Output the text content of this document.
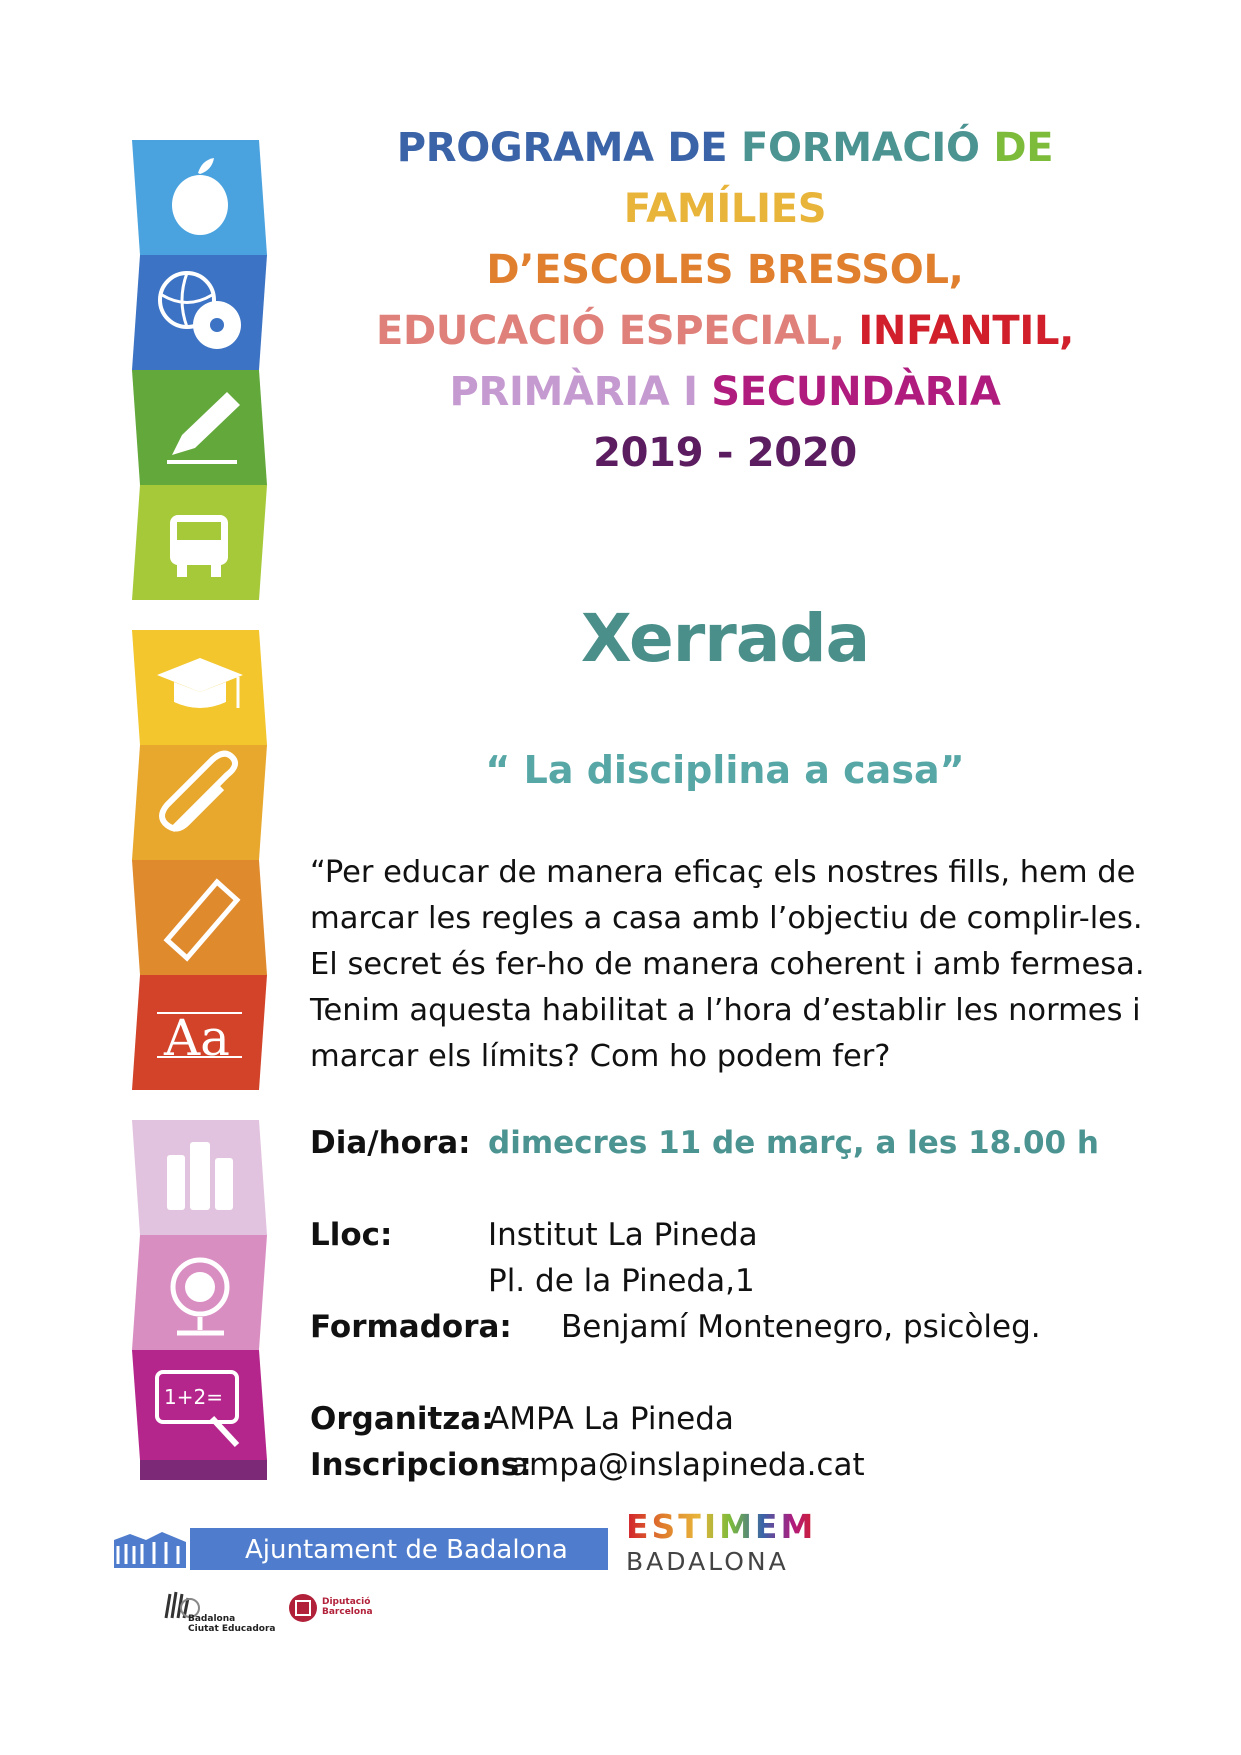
Aa
1+2=
PROGRAMA DE FORMACIÓ DE
FAMÍLIES
D’ESCOLES BRESSOL,
EDUCACIÓ ESPECIAL, INFANTIL,
PRIMÀRIA I SECUNDÀRIA
2019 - 2020
Xerrada
“ La disciplina a casa”
“Per educar de manera eficaç els nostres fills, hem de
marcar les regles a casa amb l’objectiu de complir-les.
El secret és fer-ho de manera coherent i amb fermesa.
Tenim aquesta habilitat a l’hora d’establir les normes i
marcar els límits? Com ho podem fer?
Dia/hora: dimecres 11 de març, a les 18.00 h
Lloc:	Institut La Pineda
Pl. de la Pineda,1
Formadora: Benjamí Montenegro, psicòleg.
Organitza:
AMPA La Pineda
Inscripcions:
ampa@inslapineda.cat
Ajuntament de Badalona
ESTIMEM
BADALONA
Badalona
Ciutat Educadora
Diputació
Barcelona
